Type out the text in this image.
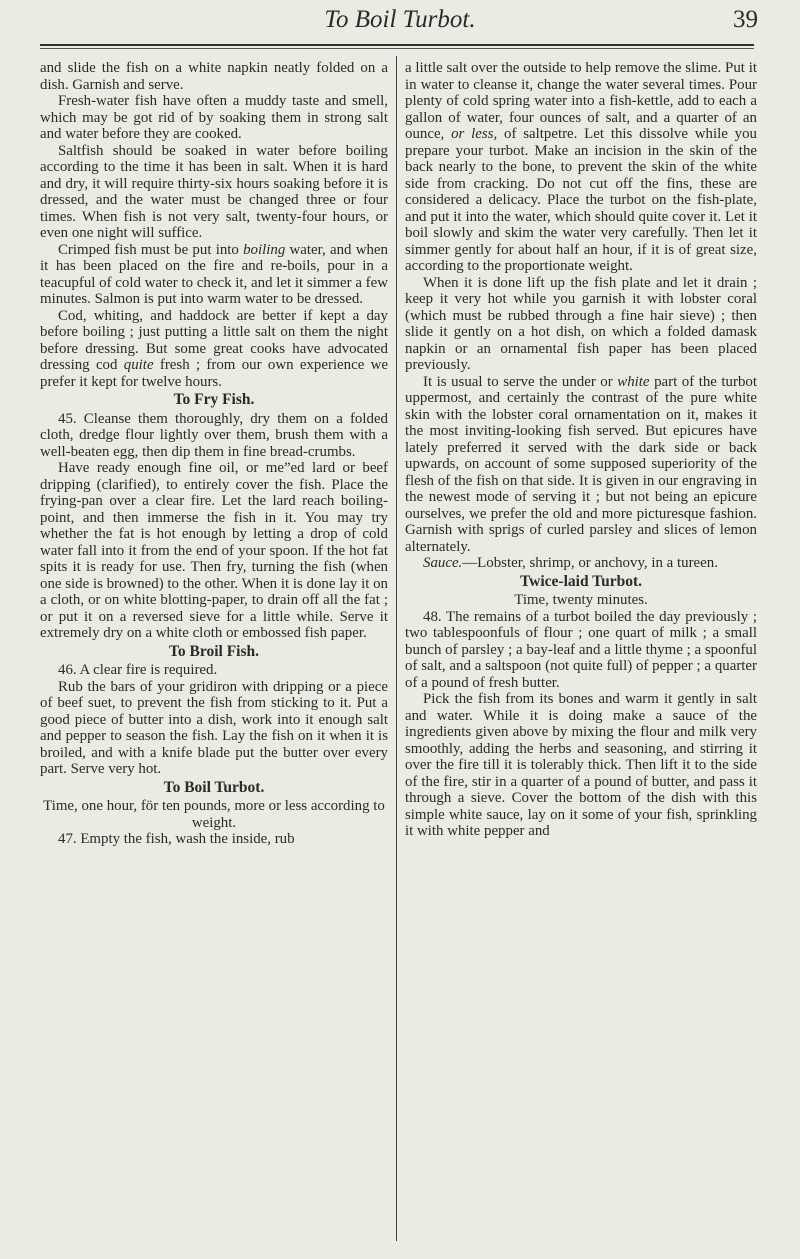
To Boil Turbot.	39

and slide the fish on a white napkin neatly folded on a dish. Garnish and serve.

Fresh-water fish have often a muddy taste and smell, which may be got rid of by soaking them in strong salt and water before they are cooked.

Saltfish should be soaked in water before boiling according to the time it has been in salt. When it is hard and dry, it will require thirty-six hours soaking before it is dressed, and the water must be changed three or four times. When fish is not very salt, twenty-four hours, or even one night will suffice.

Crimped fish must be put into boiling water, and when it has been placed on the fire and re-boils, pour in a teacupful of cold water to check it, and let it simmer a few minutes. Salmon is put into warm water to be dressed.

Cod, whiting, and haddock are better if kept a day before boiling ; just putting a little salt on them the night before dressing. But some great cooks have advocated dressing cod quite fresh ; from our own experience we prefer it kept for twelve hours.

To Fry Fish.

45. Cleanse them thoroughly, dry them on a folded cloth, dredge flour lightly over them, brush them with a well-beaten egg, then dip them in fine bread-crumbs.

Have ready enough fine oil, or me”ed lard or beef dripping (clarified), to entirely cover the fish. Place the frying-pan over a clear fire. Let the lard reach boiling-point, and then immerse the fish in it. You may try whether the fat is hot enough by letting a drop of cold water fall into it from the end of your spoon. If the hot fat spits it is ready for use. Then fry, turning the fish (when one side is browned) to the other. When it is done lay it on a cloth, or on white blotting-paper, to drain off all the fat ; or put it on a reversed sieve for a little while. Serve it extremely dry on a white cloth or embossed fish paper.

To Broil Fish.

46. A clear fire is required.

Rub the bars of your gridiron with dripping or a piece of beef suet, to prevent the fish from sticking to it. Put a good piece of butter into a dish, work into it enough salt and pepper to season the fish. Lay the fish on it when it is broiled, and with a knife blade put the butter over every part. Serve very hot.

To Boil Turbot.

Time, one hour, för ten pounds, more or less according to weight.

47. Empty the fish, wash the inside, rub

a little salt over the outside to help remove the slime. Put it in water to cleanse it, change the water several times. Pour plenty of cold spring water into a fish-kettle, add to each a gallon of water, four ounces of salt, and a quarter of an ounce, or less, of saltpetre. Let this dissolve while you prepare your turbot. Make an incision in the skin of the back nearly to the bone, to prevent the skin of the white side from cracking. Do not cut off the fins, these are considered a delicacy. Place the turbot on the fish-plate, and put it into the water, which should quite cover it. Let it boil slowly and skim the water very carefully. Then let it simmer gently for about half an hour, if it is of great size, according to the proportionate weight.

When it is done lift up the fish plate and let it drain ; keep it very hot while you garnish it with lobster coral (which must be rubbed through a fine hair sieve) ; then slide it gently on a hot dish, on which a folded damask napkin or an ornamental fish paper has been placed previously.

It is usual to serve the under or white part of the turbot uppermost, and certainly the contrast of the pure white skin with the lobster coral ornamentation on it, makes it the most inviting-looking fish served. But epicures have lately preferred it served with the dark side or back upwards, on account of some supposed superiority of the flesh of the fish on that side. It is given in our engraving in the newest mode of serving it ; but not being an epicure ourselves, we prefer the old and more picturesque fashion. Garnish with sprigs of curled parsley and slices of lemon alternately.

Sauce.—Lobster, shrimp, or anchovy, in a tureen.

Twice-laid Turbot.

Time, twenty minutes.

48. The remains of a turbot boiled the day previously ; two tablespoonfuls of flour ; one quart of milk ; a small bunch of parsley ; a bay-leaf and a little thyme ; a spoonful of salt, and a saltspoon (not quite full) of pepper ; a quarter of a pound of fresh butter.

Pick the fish from its bones and warm it gently in salt and water. While it is doing make a sauce of the ingredients given above by mixing the flour and milk very smoothly, adding the herbs and seasoning, and stirring it over the fire till it is tolerably thick. Then lift it to the side of the fire, stir in a quarter of a pound of butter, and pass it through a sieve. Cover the bottom of the dish with this simple white sauce, lay on it some of your fish, sprinkling it with white pepper and
